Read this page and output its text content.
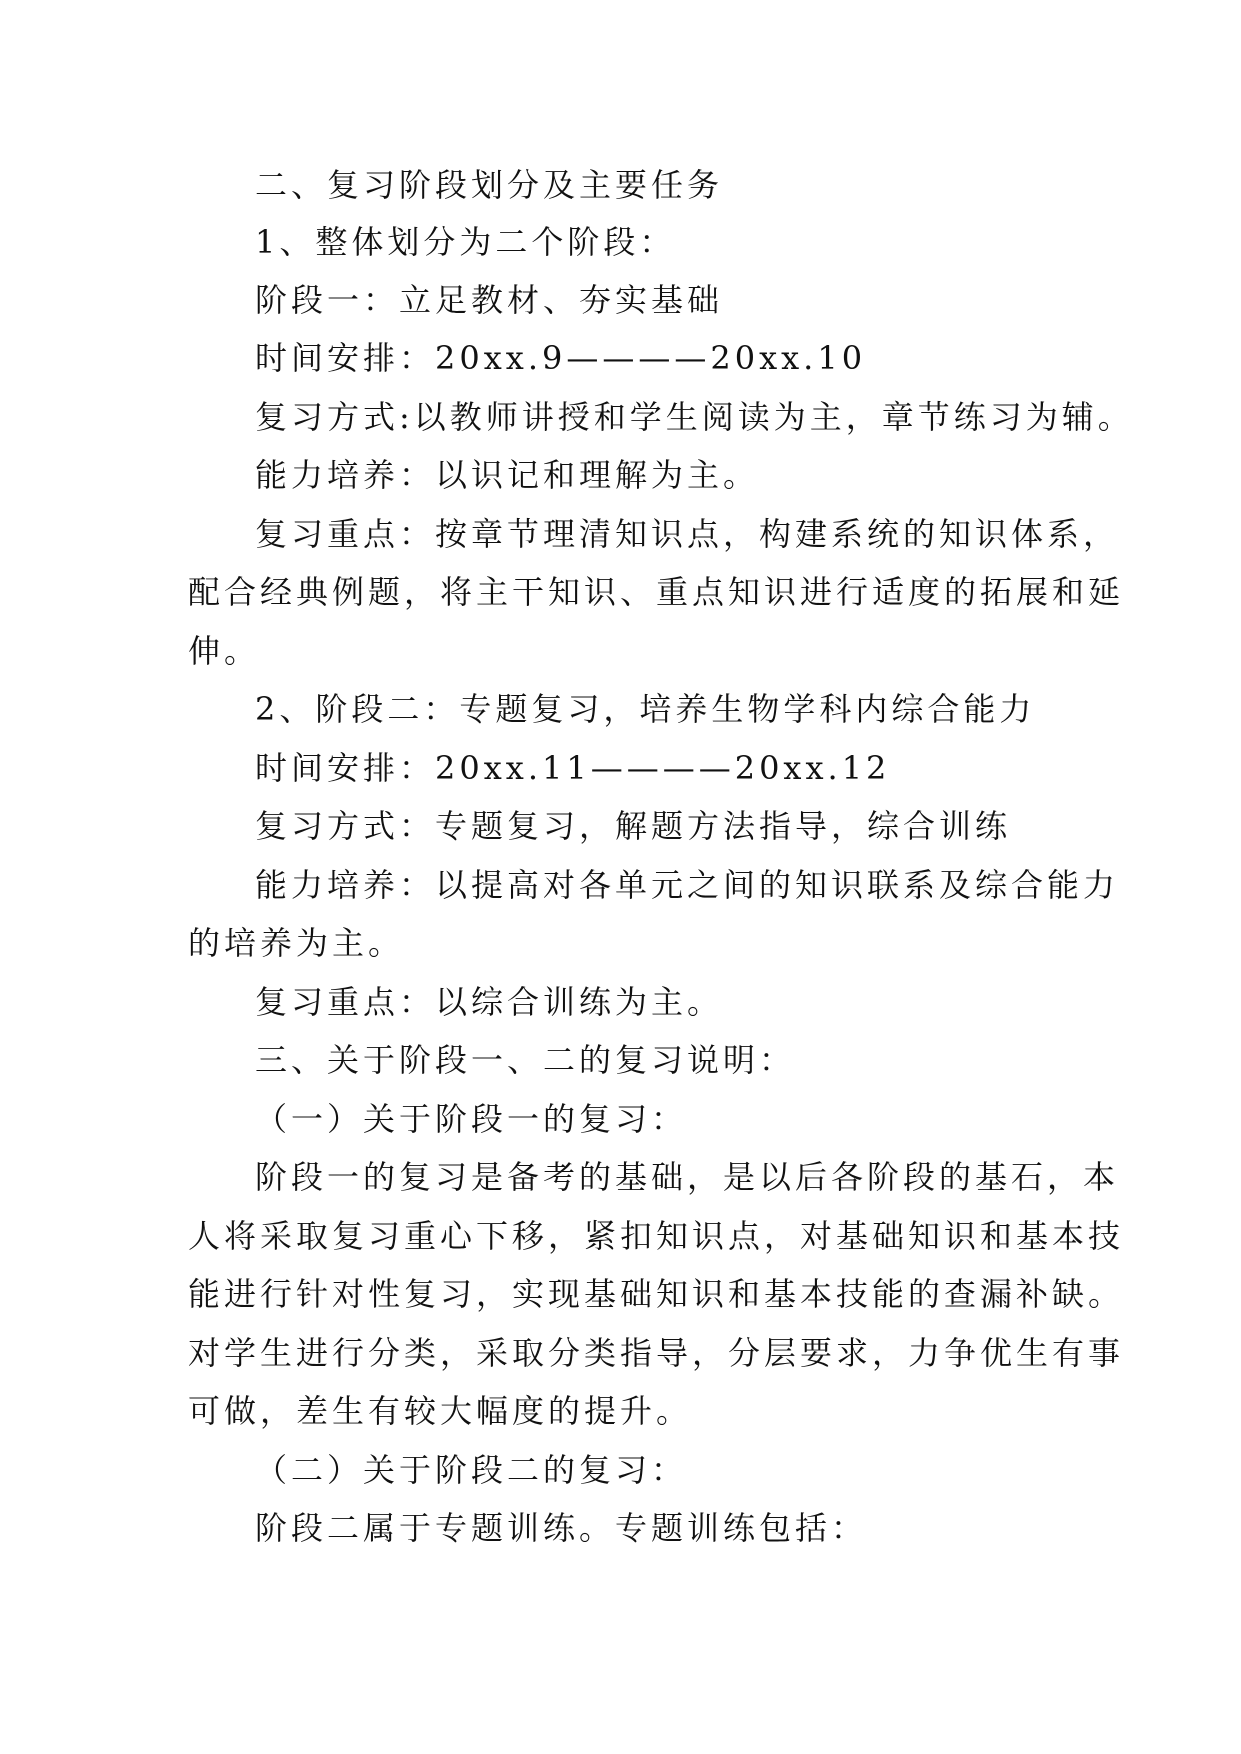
二、复习阶段划分及主要任务
1、整体划分为二个阶段：
阶段一：立足教材、夯实基础
时间安排：20xx.9————20xx.10
复习方式:以教师讲授和学生阅读为主，章节练习为辅。
能力培养：以识记和理解为主。
复习重点：按章节理清知识点，构建系统的知识体系，
配合经典例题，将主干知识、重点知识进行适度的拓展和延
伸。
2、阶段二：专题复习，培养生物学科内综合能力
时间安排：20xx.11————20xx.12
复习方式：专题复习，解题方法指导，综合训练
能力培养：以提高对各单元之间的知识联系及综合能力
的培养为主。
复习重点：以综合训练为主。
三、关于阶段一、二的复习说明：
（一）关于阶段一的复习：
阶段一的复习是备考的基础，是以后各阶段的基石，本
人将采取复习重心下移，紧扣知识点，对基础知识和基本技
能进行针对性复习，实现基础知识和基本技能的查漏补缺。
对学生进行分类，采取分类指导，分层要求，力争优生有事
可做，差生有较大幅度的提升。
（二）关于阶段二的复习：
阶段二属于专题训练。专题训练包括：
